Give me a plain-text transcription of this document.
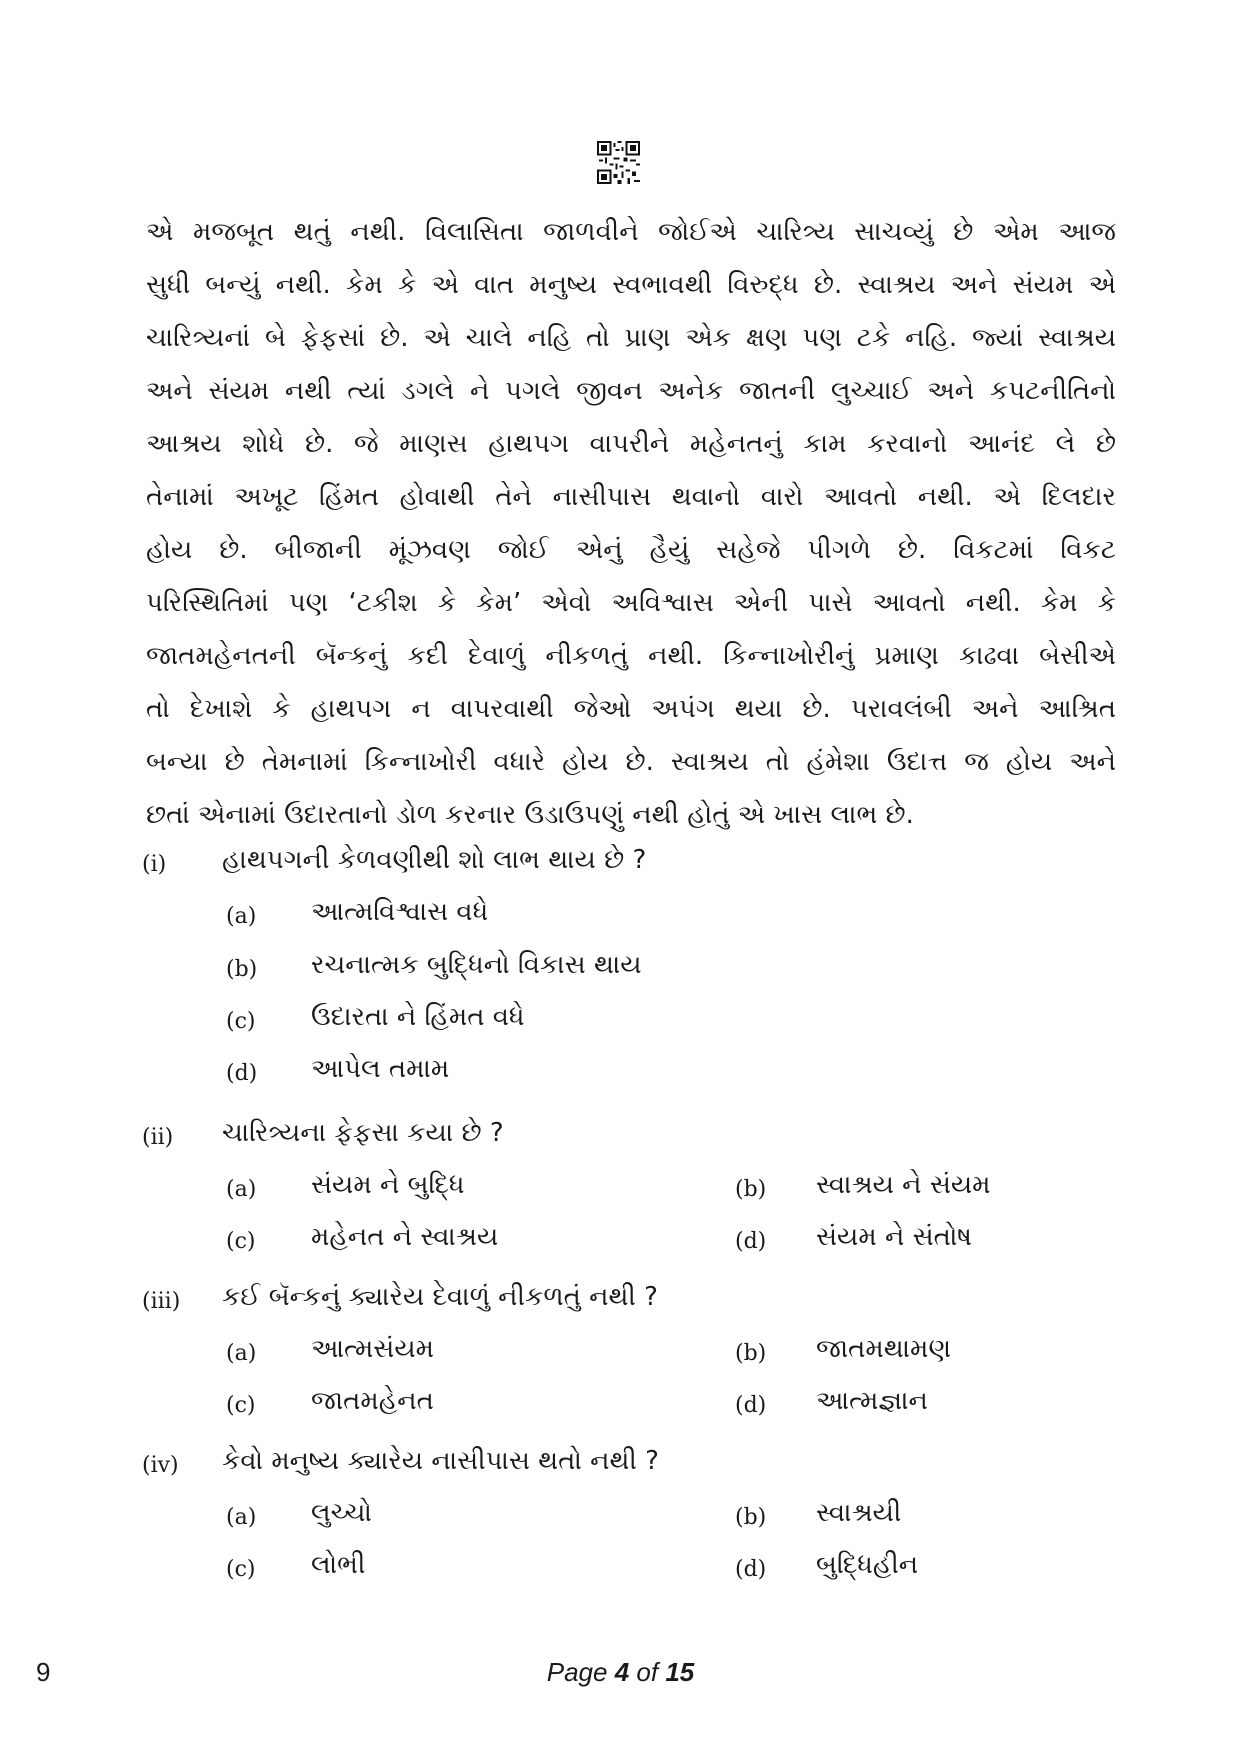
એ મજબૂત થતું નથી. વિલાસિતા જાળવીને જોઈએ ચારિત્ર્ય સાચવ્યું છે એમ આજ
સુધી બન્યું નથી. કેમ કે એ વાત મનુષ્ય સ્વભાવથી વિરુદ્ધ છે. સ્વાશ્રય અને સંયમ એ
ચારિત્ર્યનાં બે ફેફસાં છે. એ ચાલે નહિ તો પ્રાણ એક ક્ષણ પણ ટકે નહિ. જ્યાં સ્વાશ્રય
અને સંયમ નથી ત્યાં ડગલે ને પગલે જીવન અનેક જાતની લુચ્ચાઈ અને કપટનીતિનો
આશ્રય શોધે છે. જે માણસ હાથપગ વાપરીને મહેનતનું કામ કરવાનો આનંદ લે છે
તેનામાં અખૂટ હિંમત હોવાથી તેને નાસીપાસ થવાનો વારો આવતો નથી. એ દિલદાર
હોય છે. બીજાની મૂંઝવણ જોઈ એનું હૈયું સહેજે પીગળે છે. વિકટમાં વિકટ
પરિસ્થિતિમાં પણ ‘ટકીશ કે કેમ’ એવો અવિશ્વાસ એની પાસે આવતો નથી. કેમ કે
જાતમહેનતની બૅન્કનું કદી દેવાળું નીકળતું નથી. કિન્નાખોરીનું પ્રમાણ કાઢવા બેસીએ
તો દેખાશે કે હાથપગ ન વાપરવાથી જેઓ અપંગ થયા છે. પરાવલંબી અને આશ્રિત
બન્યા છે તેમનામાં કિન્નાખોરી વધારે હોય છે. સ્વાશ્રય તો હંમેશા ઉદાત્ત જ હોય અને
છતાં એનામાં ઉદારતાનો ડોળ કરનાર ઉડાઉપણું નથી હોતું એ ખાસ લાભ છે.
(i) હાથપગની કેળવણીથી શો લાભ થાય છે ?
(a) આત્મવિશ્વાસ વધે
(b) રચનાત્મક બુદ્ધિનો વિકાસ થાય
(c) ઉદારતા ને હિંમત વધે
(d) આપેલ તમામ
(ii) ચારિત્ર્યના ફેફસા કયા છે ?
(a) સંયમ ને બુદ્ધિ	(b) સ્વાશ્રય ને સંયમ
(c) મહેનત ને સ્વાશ્રય	(d) સંયમ ને સંતોષ
(iii) કઈ બૅન્કનું ક્યારેય દેવાળું નીકળતું નથી ?
(a) આત્મસંયમ	(b) જાતમથામણ
(c) જાતમહેનત	(d) આત્મજ્ઞાન
(iv) કેવો મનુષ્ય ક્યારેય નાસીપાસ થતો નથી ?
(a) લુચ્ચો	(b) સ્વાશ્રયી
(c) લોભી	(d) બુદ્ધિહીન
9	Page 4 of 15
